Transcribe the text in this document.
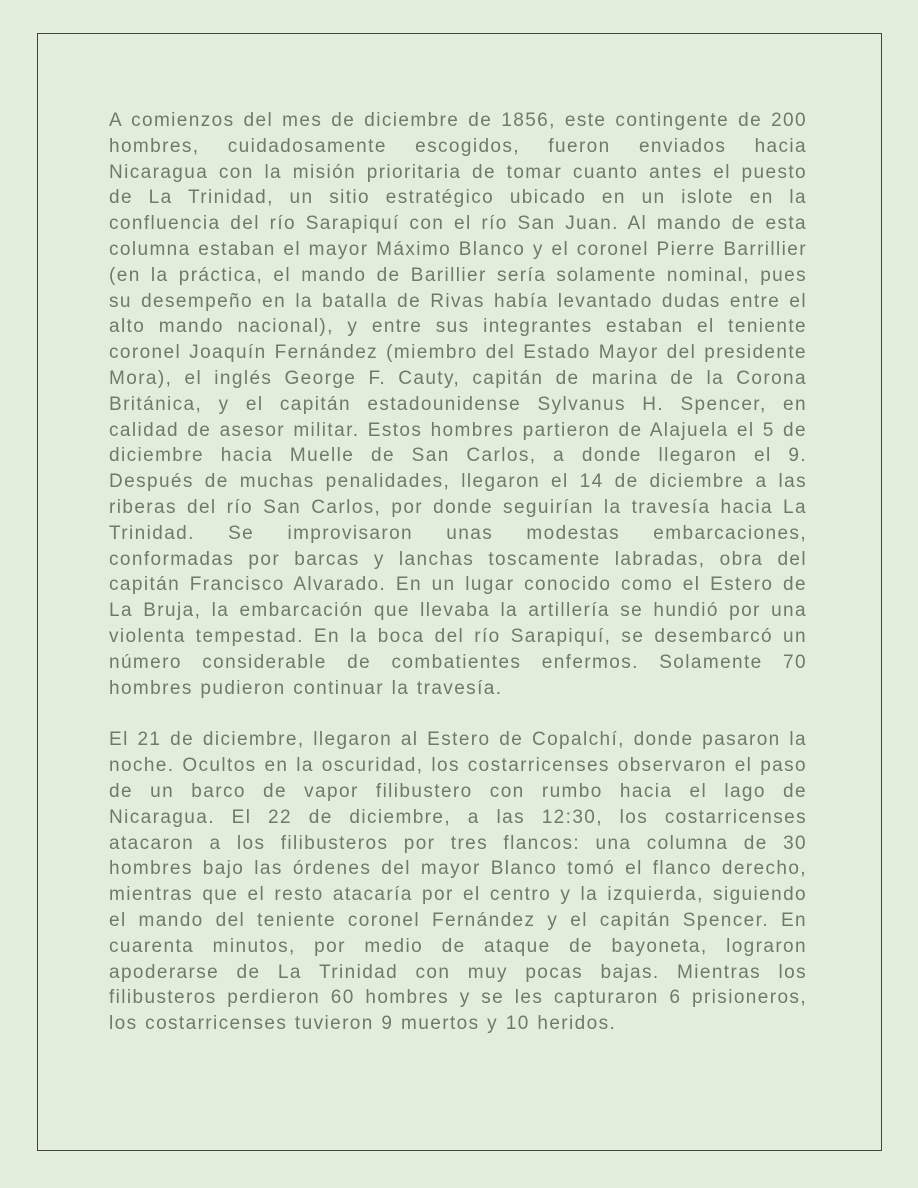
A comienzos del mes de diciembre de 1856, este contingente de 200 hombres, cuidadosamente escogidos, fueron enviados hacia Nicaragua con la misión prioritaria de tomar cuanto antes el puesto de La Trinidad, un sitio estratégico ubicado en un islote en la confluencia del río Sarapiquí con el río San Juan. Al mando de esta columna estaban el mayor Máximo Blanco y el coronel Pierre Barrillier (en la práctica, el mando de Barillier sería solamente nominal, pues su desempeño en la batalla de Rivas había levantado dudas entre el alto mando nacional), y entre sus integrantes estaban el teniente coronel Joaquín Fernández (miembro del Estado Mayor del presidente Mora), el inglés George F. Cauty, capitán de marina de la Corona Británica, y el capitán estadounidense Sylvanus H. Spencer, en calidad de asesor militar. Estos hombres partieron de Alajuela el 5 de diciembre hacia Muelle de San Carlos, a donde llegaron el 9. Después de muchas penalidades, llegaron el 14 de diciembre a las riberas del río San Carlos, por donde seguirían la travesía hacia La Trinidad. Se improvisaron unas modestas embarcaciones, conformadas por barcas y lanchas toscamente labradas, obra del capitán Francisco Alvarado. En un lugar conocido como el Estero de La Bruja, la embarcación que llevaba la artillería se hundió por una violenta tempestad. En la boca del río Sarapiquí, se desembarcó un número considerable de combatientes enfermos. Solamente 70 hombres pudieron continuar la travesía.

El 21 de diciembre, llegaron al Estero de Copalchí, donde pasaron la noche. Ocultos en la oscuridad, los costarricenses observaron el paso de un barco de vapor filibustero con rumbo hacia el lago de Nicaragua. El 22 de diciembre, a las 12:30, los costarricenses atacaron a los filibusteros por tres flancos: una columna de 30 hombres bajo las órdenes del mayor Blanco tomó el flanco derecho, mientras que el resto atacaría por el centro y la izquierda, siguiendo el mando del teniente coronel Fernández y el capitán Spencer. En cuarenta minutos, por medio de ataque de bayoneta, lograron apoderarse de La Trinidad con muy pocas bajas. Mientras los filibusteros perdieron 60 hombres y se les capturaron 6 prisioneros, los costarricenses tuvieron 9 muertos y 10 heridos.
